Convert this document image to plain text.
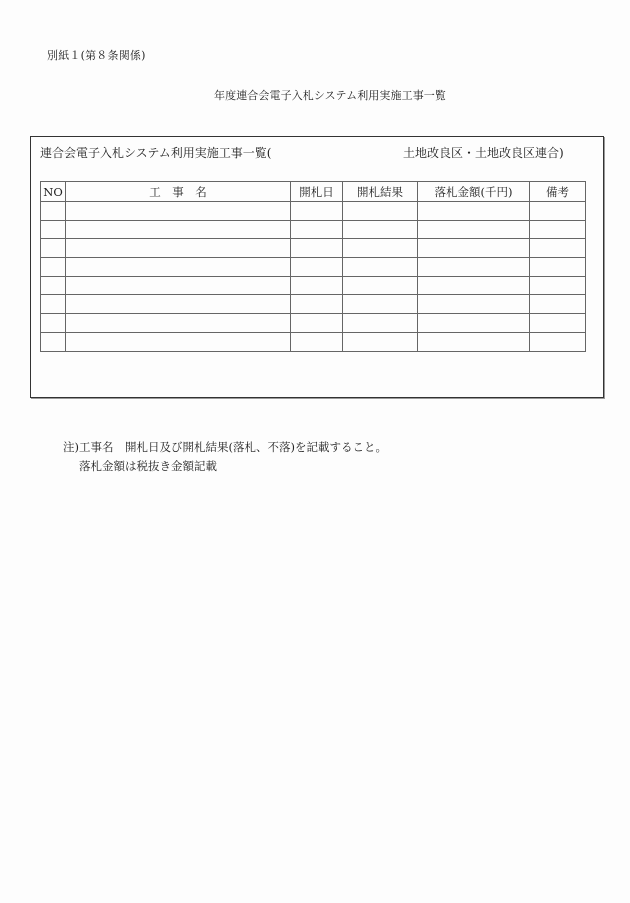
別紙１(第８条関係)
年度連合会電子入札システム利用実施工事一覧
連合会電子入札システム利用実施工事一覧(	土地改良区・土地改良区連合)
NO	工　事　名	開札日	開札結果	落札金額(千円)	備考

注)工事名　開札日及び開札結果(落札、不落)を記載すること。
落札金額は税抜き金額記載
